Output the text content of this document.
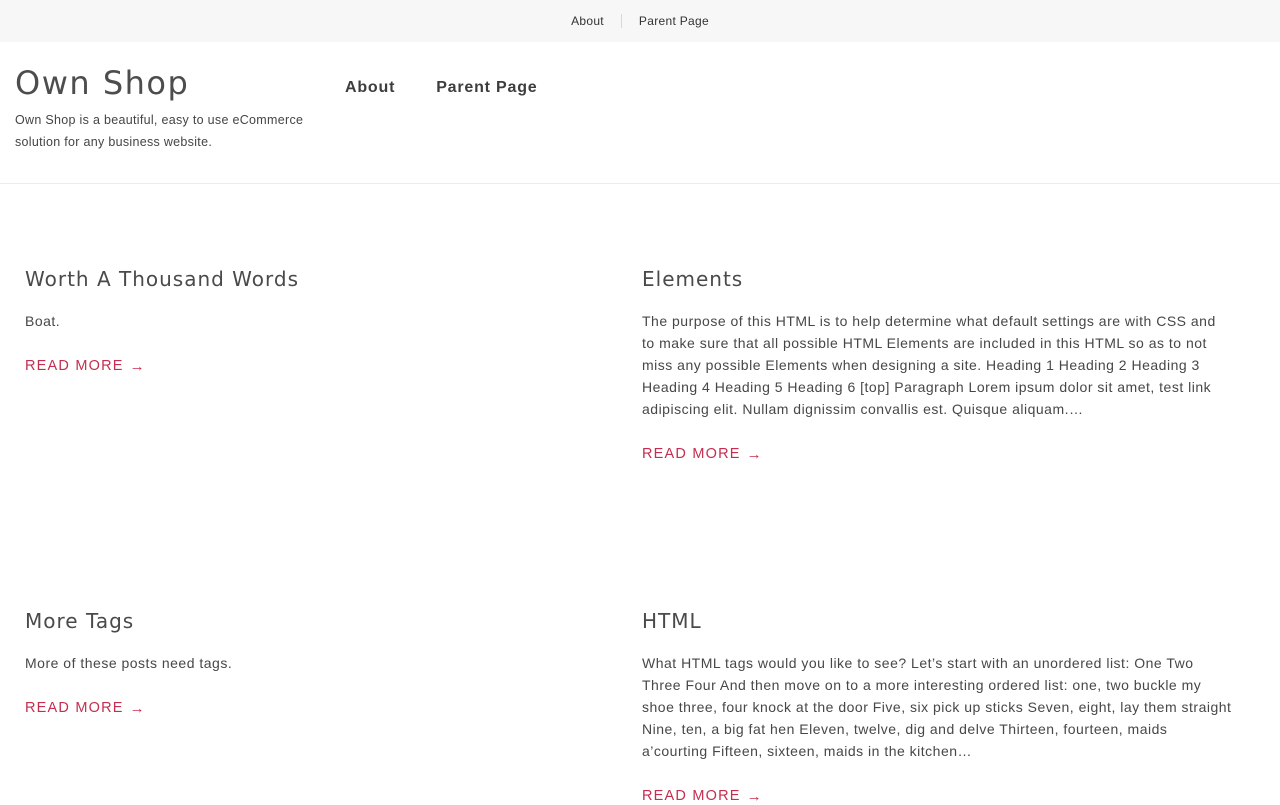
About	Parent Page
Own Shop

Own Shop is a beautiful, easy to use eCommerce solution for any business website.

About	Parent Page
Worth A Thousand Words

Boat.

READ MORE →
Elements

The purpose of this HTML is to help determine what default settings are with CSS and to make sure that all possible HTML Elements are included in this HTML so as to not miss any possible Elements when designing a site. Heading 1 Heading 2 Heading 3 Heading 4 Heading 5 Heading 6 [top] Paragraph Lorem ipsum dolor sit amet, test link adipiscing elit. Nullam dignissim convallis est. Quisque aliquam.…

READ MORE →
More Tags

More of these posts need tags.

READ MORE →
HTML

What HTML tags would you like to see? Let’s start with an unordered list: One Two Three Four And then move on to a more interesting ordered list: one, two buckle my shoe three, four knock at the door Five, six pick up sticks Seven, eight, lay them straight Nine, ten, a big fat hen Eleven, twelve, dig and delve Thirteen, fourteen, maids a’courting Fifteen, sixteen, maids in the kitchen…

READ MORE →
